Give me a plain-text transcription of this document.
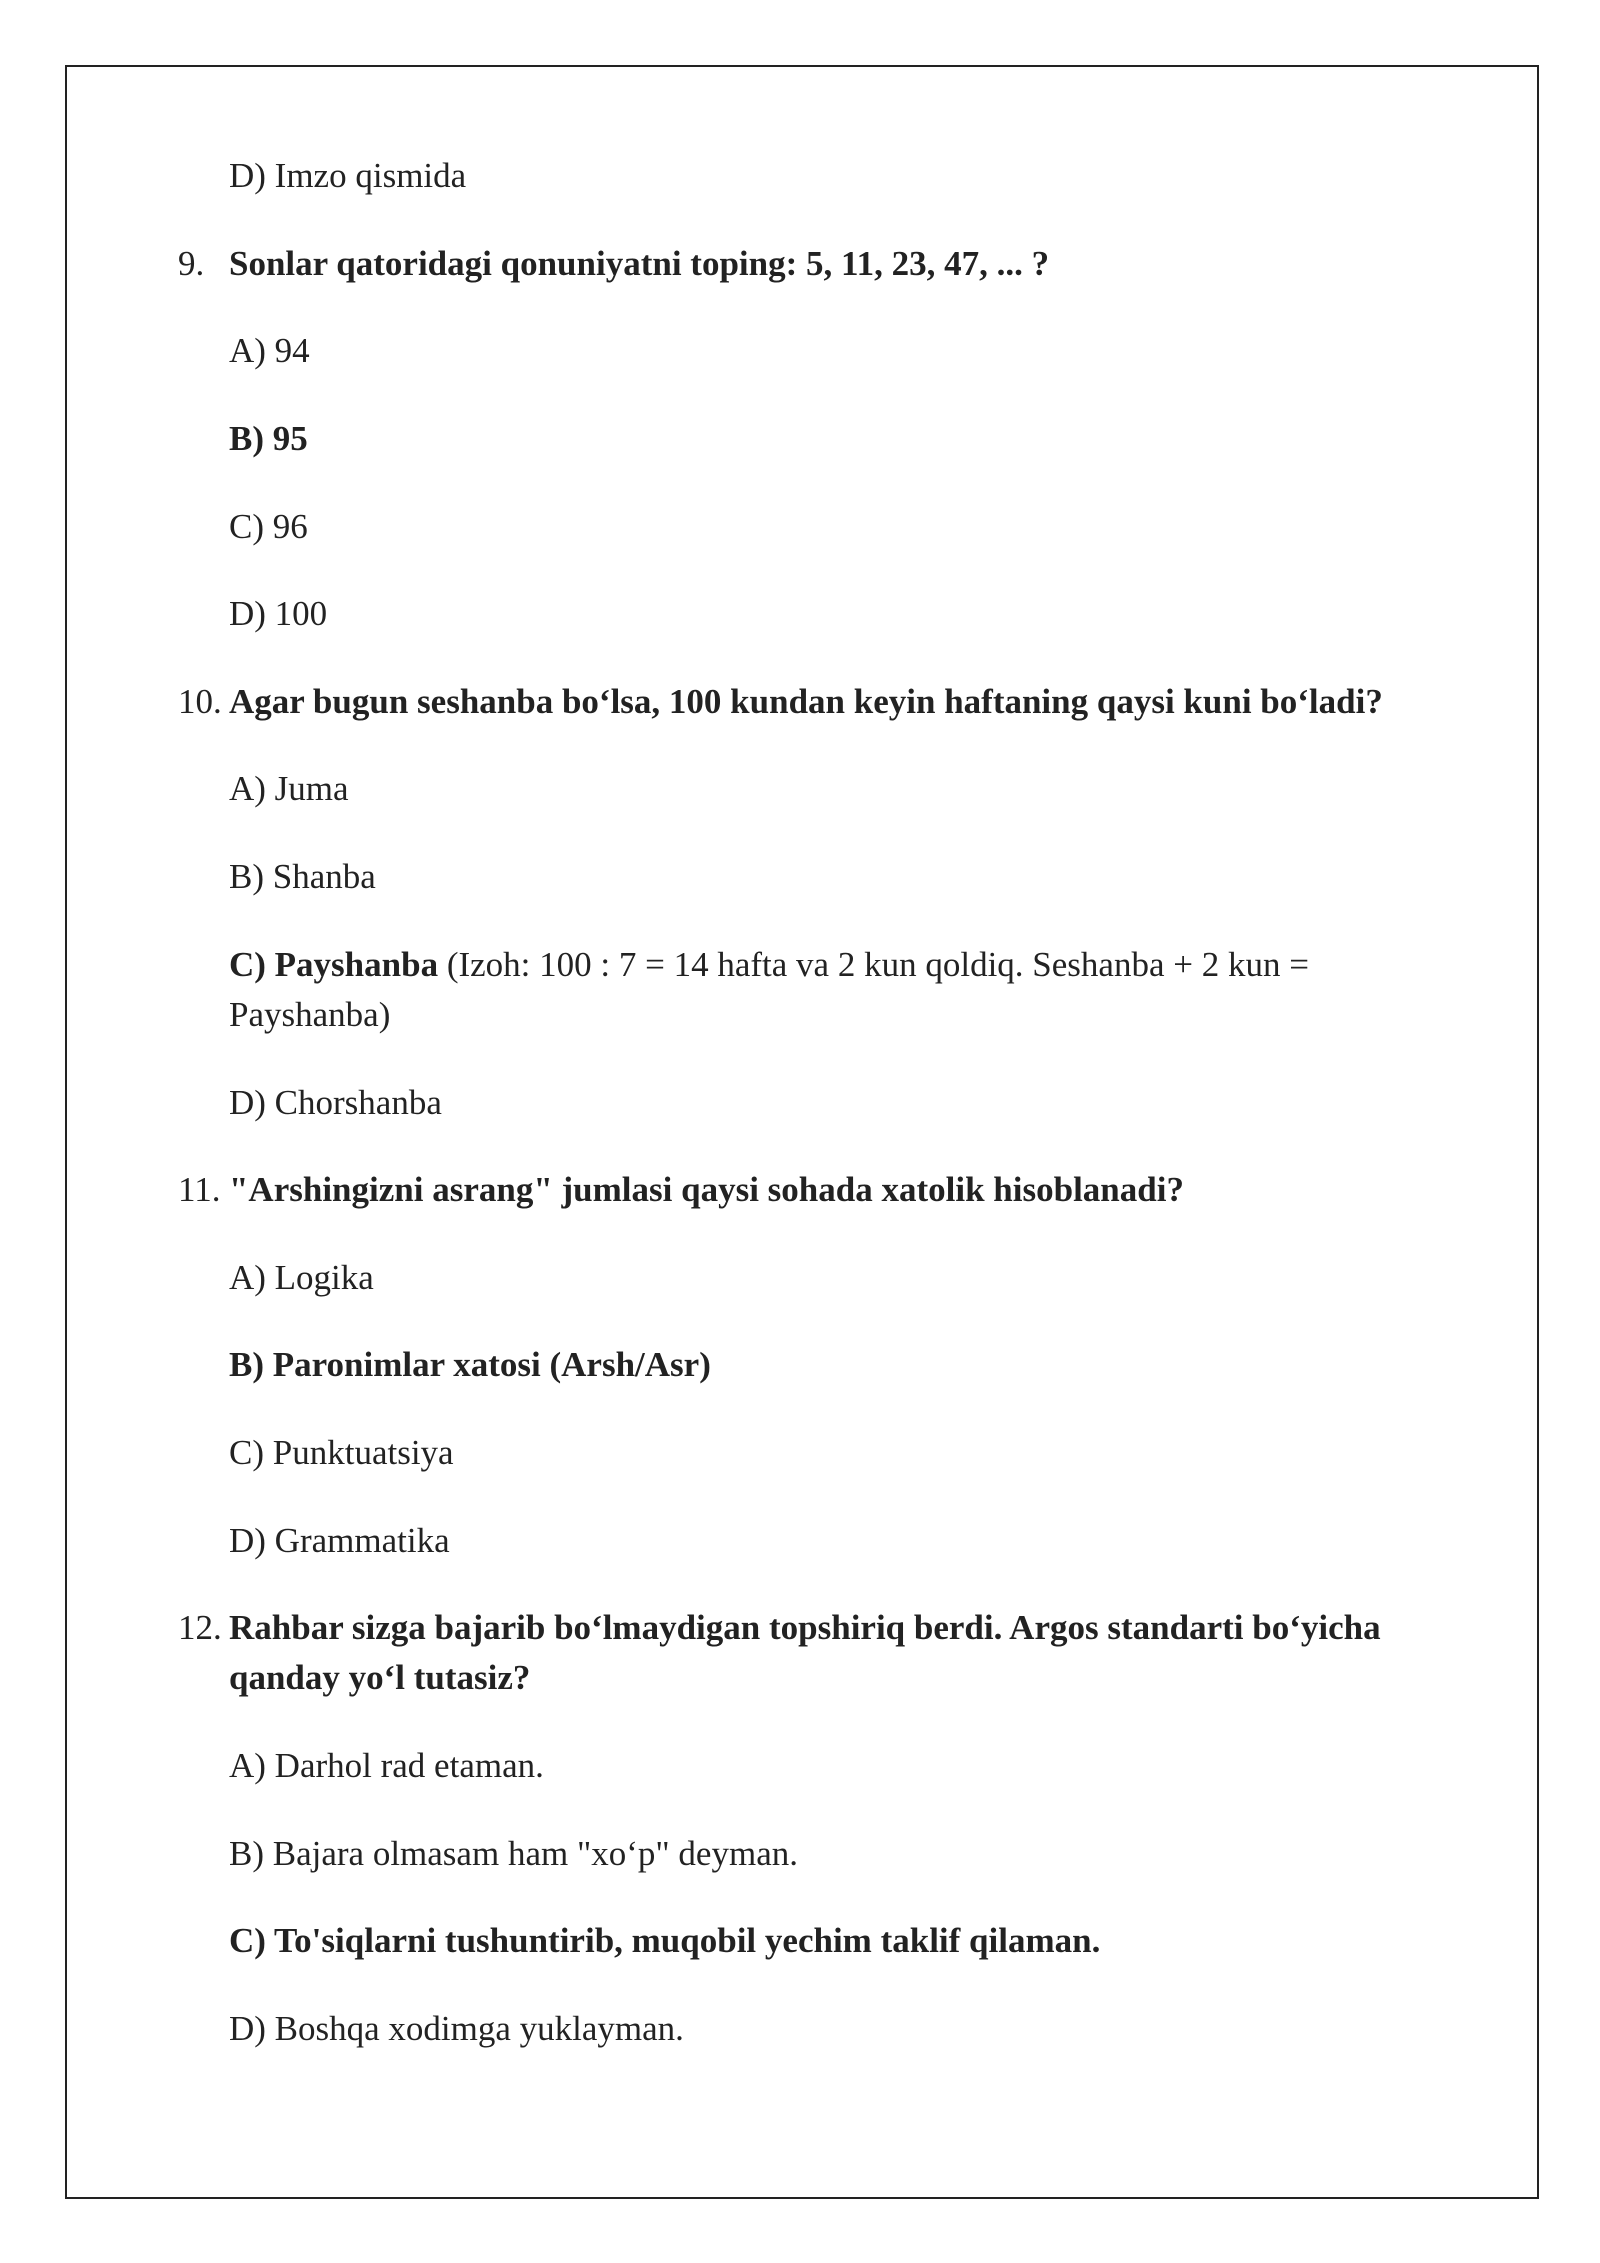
D) Imzo qismida
9. Sonlar qatoridagi qonuniyatni toping: 5, 11, 23, 47, ... ?
A) 94
B) 95
C) 96
D) 100
10. Agar bugun seshanba bo‘lsa, 100 kundan keyin haftaning qaysi kuni bo‘ladi?
A) Juma
B) Shanba
C) Payshanba (Izoh: 100 : 7 = 14 hafta va 2 kun qoldiq. Seshanba + 2 kun =
Payshanba)
D) Chorshanba
11. "Arshingizni asrang" jumlasi qaysi sohada xatolik hisoblanadi?
A) Logika
B) Paronimlar xatosi (Arsh/Asr)
C) Punktuatsiya
D) Grammatika
12. Rahbar sizga bajarib bo‘lmaydigan topshiriq berdi. Argos standarti bo‘yicha
qanday yo‘l tutasiz?
A) Darhol rad etaman.
B) Bajara olmasam ham "xo‘p" deyman.
C) To'siqlarni tushuntirib, muqobil yechim taklif qilaman.
D) Boshqa xodimga yuklayman.
